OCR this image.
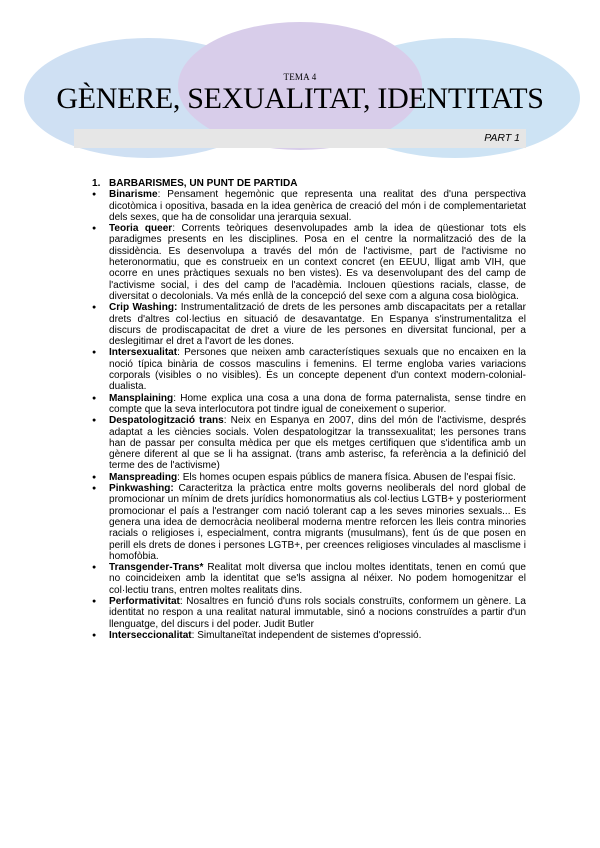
TEMA 4
GÈNERE, SEXUALITAT, IDENTITATS
PART 1
1. BARBARISMES, UN PUNT DE PARTIDA
● Binarisme: Pensament hegemònic que representa una realitat des d'una perspectiva dicotòmica i opositiva, basada en la idea genèrica de creació del món i de complementarietat dels sexes, que ha de consolidar una jerarquia sexual.
● Teoria queer: Corrents teòriques desenvolupades amb la idea de qüestionar tots els paradigmes presents en les disciplines. Posa en el centre la normalització des de la dissidència. Es desenvolupa a través del món de l'activisme, part de l'activisme no heteronormatiu, que es construeix en un context concret (en EEUU, lligat amb VIH, que ocorre en unes pràctiques sexuals no ben vistes). Es va desenvolupant des del camp de l'activisme social, i des del camp de l'acadèmia. Inclouen qüestions racials, classe, de diversitat o decolonials. Va més enllà de la concepció del sexe com a alguna cosa biològica.
● Crip Washing: Instrumentalització de drets de les persones amb discapacitats per a retallar drets d'altres col·lectius en situació de desavantatge. En Espanya s'instrumentalitza el discurs de prodiscapacitat de dret a viure de les persones en diversitat funcional, per a deslegitimar el dret a l'avort de les dones.
● Intersexualitat: Persones que neixen amb característiques sexuals que no encaixen en la noció típica binària de cossos masculins i femenins. El terme engloba varies variacions corporals (visibles o no visibles). És un concepte depenent d'un context modern-colonial-dualista.
● Mansplaining: Home explica una cosa a una dona de forma paternalista, sense tindre en compte que la seva interlocutora pot tindre igual de coneixement o superior.
● Despatologització trans: Neix en Espanya en 2007, dins del món de l'activisme, després adaptat a les ciències socials. Volen despatologitzar la transsexualitat; les persones trans han de passar per consulta mèdica per que els metges certifiquen que s'identifica amb un gènere diferent al que se li ha assignat. (trans amb asterisc, fa referència a la definició del terme des de l'activisme)
● Manspreading: Els homes ocupen espais públics de manera física. Abusen de l'espai físic.
● Pinkwashing: Caracteritza la pràctica entre molts governs neoliberals del nord global de promocionar un mínim de drets jurídics homonormatius als col·lectius LGTB+ y posteriorment promocionar el país a l'estranger com nació tolerant cap a les seves minories sexuals... Es genera una idea de democràcia neoliberal moderna mentre reforcen les lleis contra minories racials o religioses i, especialment, contra migrants (musulmans), fent ús de que posen en perill els drets de dones i persones LGTB+, per creences religioses vinculades al masclisme i homofòbia.
● Transgender-Trans* Realitat molt diversa que inclou moltes identitats, tenen en comú que no coincideixen amb la identitat que se'ls assigna al néixer. No podem homogenitzar el col·lectiu trans, entren moltes realitats dins.
● Performativitat: Nosaltres en funció d'uns rols socials construïts, conformem un gènere. La identitat no respon a una realitat natural immutable, sinó a nocions construïdes a partir d'un llenguatge, del discurs i del poder. Judit Butler
● Interseccionalitat: Simultaneïtat independent de sistemes d'opressió.
